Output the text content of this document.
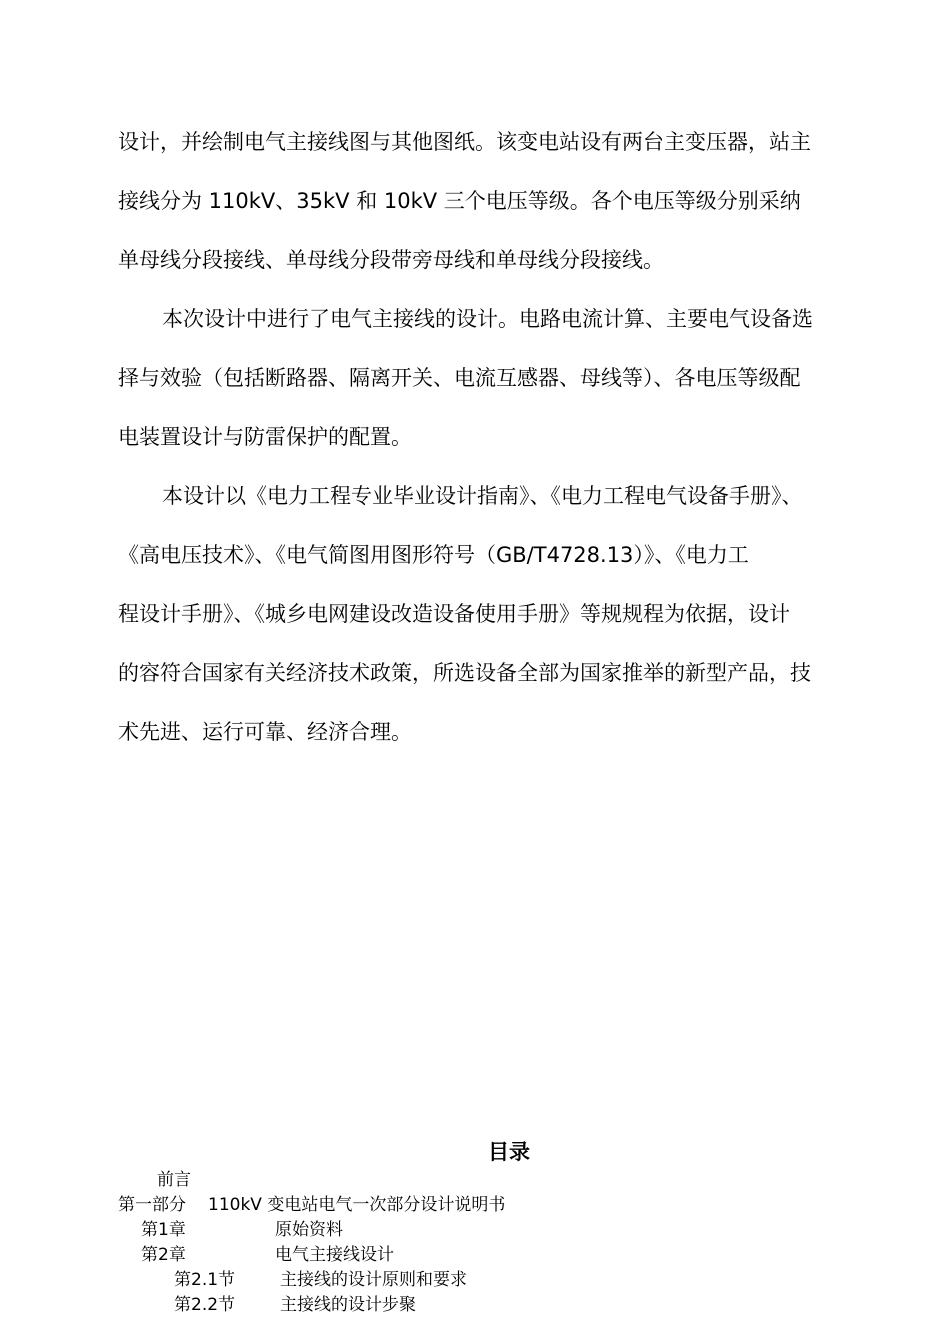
设计，并绘制电气主接线图与其他图纸。该变电站设有两台主变压器，站主
接线分为 110kV、35kV 和 10kV 三个电压等级。各个电压等级分别采纳
单母线分段接线、单母线分段带旁母线和单母线分段接线。
本次设计中进行了电气主接线的设计。电路电流计算、主要电气设备选
择与效验（包括断路器、隔离开关、电流互感器、母线等）、各电压等级配
电装置设计与防雷保护的配置。
本设计以《电力工程专业毕业设计指南》、《电力工程电气设备手册》、
《高电压技术》、《电气简图用图形符号（GB/T4728.13）》、《电力工
程设计手册》、《城乡电网建设改造设备使用手册》等规规程为依据，设计
的容符合国家有关经济技术政策，所选设备全部为国家推举的新型产品，技
术先进、运行可靠、经济合理。
目录
前言
第一部分 110kV 变电站电气一次部分设计说明书
第1章	原始资料
第2章	电气主接线设计
第2.1节	主接线的设计原则和要求
第2.2节	主接线的设计步聚
